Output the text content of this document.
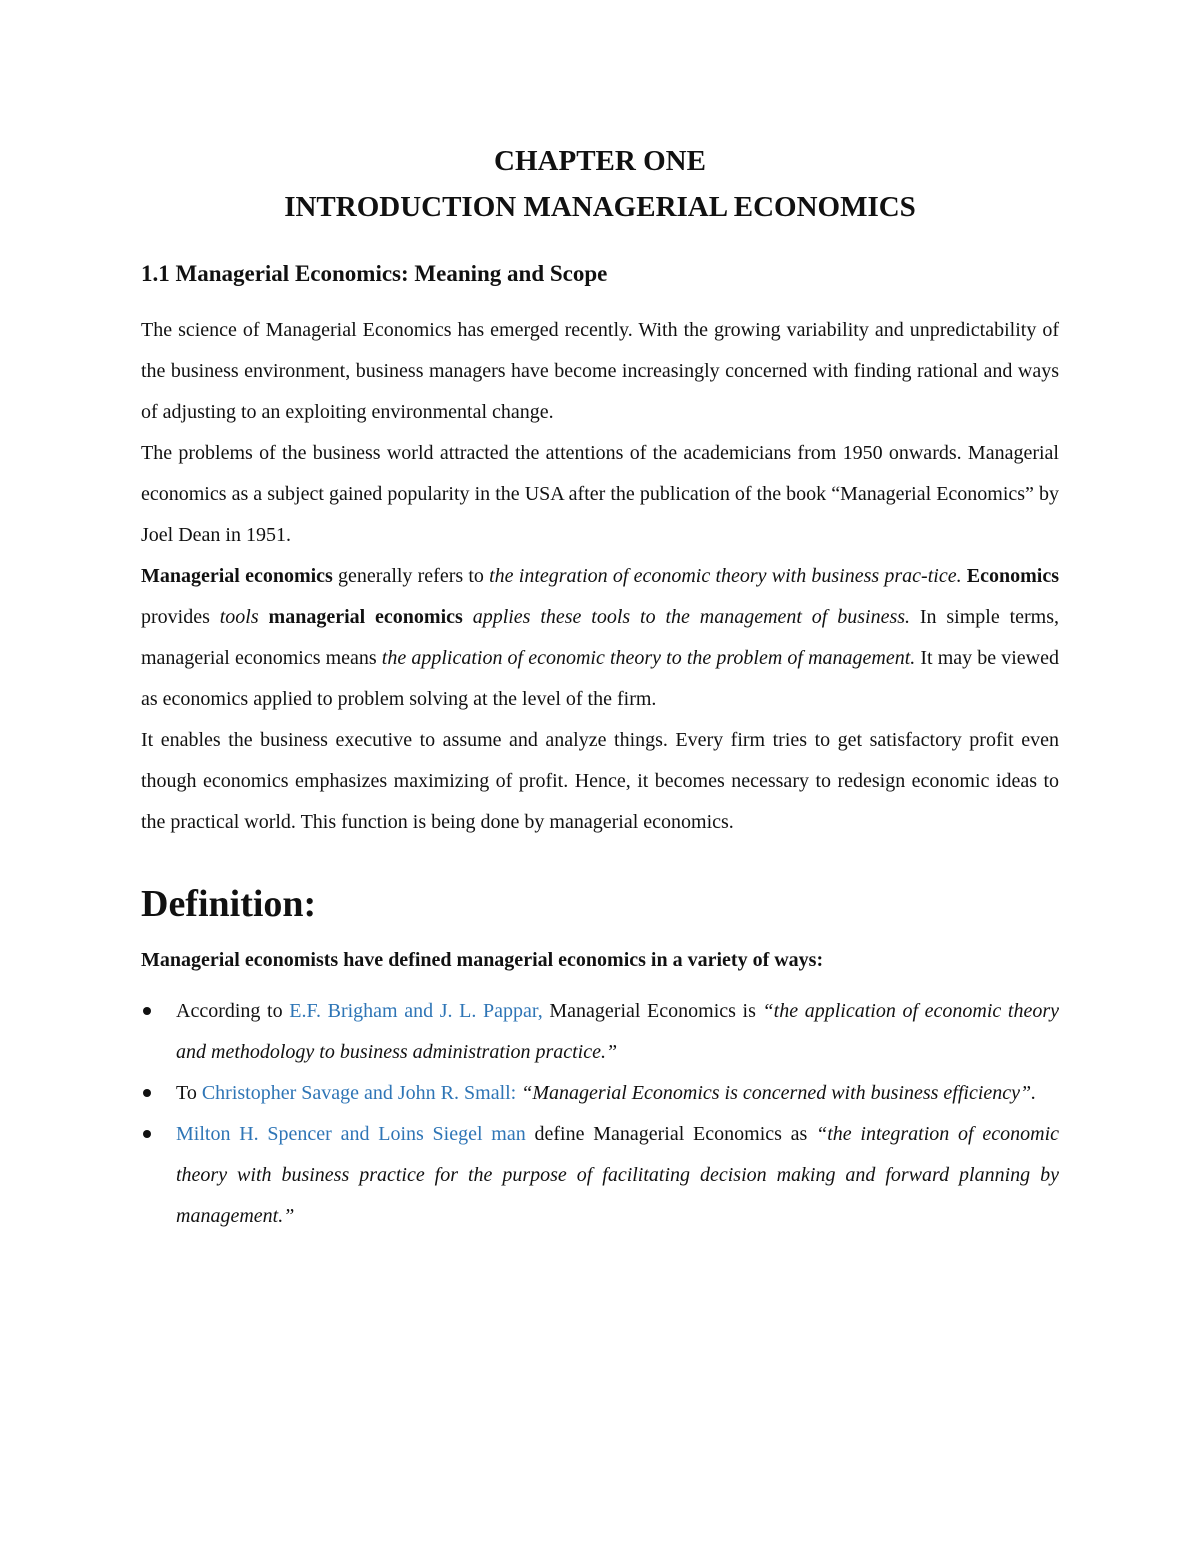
CHAPTER ONE
INTRODUCTION MANAGERIAL ECONOMICS
1.1 Managerial Economics: Meaning and Scope

The science of Managerial Economics has emerged recently. With the growing variability and unpredictability of the business environment, business managers have become increasingly concerned with finding rational and ways of adjusting to an exploiting environmental change.

The problems of the business world attracted the attentions of the academicians from 1950 onwards. Managerial economics as a subject gained popularity in the USA after the publication of the book “Managerial Economics” by Joel Dean in 1951.

Managerial economics generally refers to the integration of economic theory with business prac-tice. Economics provides tools managerial economics applies these tools to the management of business. In simple terms, managerial economics means the application of economic theory to the problem of management. It may be viewed as economics applied to problem solving at the level of the firm.

It enables the business executive to assume and analyze things. Every firm tries to get satisfactory profit even though economics emphasizes maximizing of profit. Hence, it becomes necessary to redesign economic ideas to the practical world. This function is being done by managerial economics.

Definition:

Managerial economists have defined managerial economics in a variety of ways:

According to E.F. Brigham and J. L. Pappar, Managerial Economics is “the application of economic theory and methodology to business administration practice.”
To Christopher Savage and John R. Small: “Managerial Economics is concerned with business efficiency”.
Milton H. Spencer and Loins Siegel man define Managerial Economics as “the integration of economic theory with business practice for the purpose of facilitating decision making and forward planning by management.”
